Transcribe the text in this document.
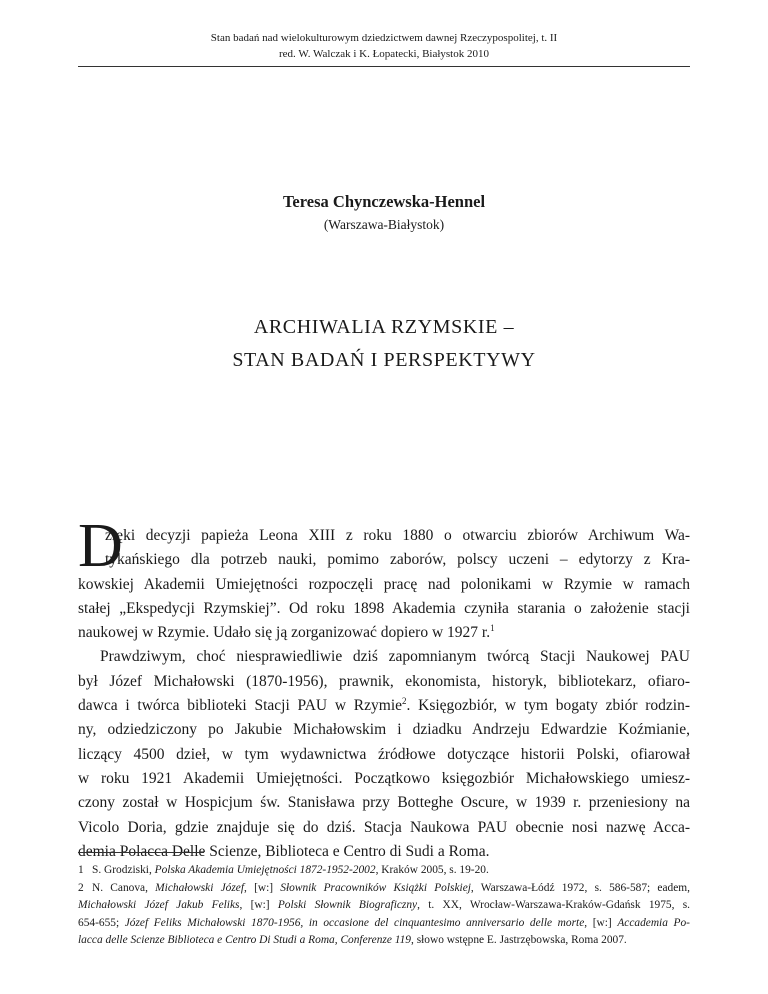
Stan badań nad wielokulturowym dziedzictwem dawnej Rzeczypospolitej, t. II
red. W. Walczak i K. Łopatecki, Białystok 2010
Teresa Chynczewska-Hennel
(Warszawa-Białystok)
ARCHIWALIA RZYMSKIE –
STAN BADAŃ I PERSPEKTYWY
D
zięki decyzji papieża Leona XIII z roku 1880 o otwarciu zbiorów Archiwum Wa-
tykańskiego dla potrzeb nauki, pomimo zaborów, polscy uczeni – edytorzy z Kra-
kowskiej Akademii Umiejętności rozpoczęli pracę nad polonikami w Rzymie w ramach
stałej „Ekspedycji Rzymskiej”. Od roku 1898 Akademia czyniła starania o założenie stacji
naukowej w Rzymie. Udało się ją zorganizować dopiero w 1927 r.$^1$
Prawdziwym, choć niesprawiedliwie dziś zapomnianym twórcą Stacji Naukowej PAU
był Józef Michałowski (1870-1956), prawnik, ekonomista, historyk, bibliotekarz, ofiaro-
dawca i twórca biblioteki Stacji PAU w Rzymie$^2$. Księgozbiór, w tym bogaty zbiór rodzin-
ny, odziedziczony po Jakubie Michałowskim i dziadku Andrzeju Edwardzie Koźmianie,
liczący 4500 dzieł, w tym wydawnictwa źródłowe dotyczące historii Polski, ofiarował
w roku 1921 Akademii Umiejętności. Początkowo księgozbiór Michałowskiego umiesz-
czony został w Hospicjum św. Stanisława przy Botteghe Oscure, w 1939 r. przeniesiony na
Vicolo Doria, gdzie znajduje się do dziś. Stacja Naukowa PAU obecnie nosi nazwę Acca-
demia Polacca Delle Scienze, Biblioteca e Centro di Sudi a Roma.
1 S. Grodziski, Polska Akademia Umiejętności 1872-1952-2002, Kraków 2005, s. 19-20.
2 N. Canova, Michałowski Józef, [w:] Słownik Pracowników Książki Polskiej, Warszawa-Łódź 1972, s. 586-587; eadem,
Michałowski Józef Jakub Feliks, [w:] Polski Słownik Biograficzny, t. XX, Wrocław-Warszawa-Kraków-Gdańsk 1975, s.
654-655; Józef Feliks Michałowski 1870-1956, in occasione del cinquantesimo anniversario delle morte, [w:] Accademia Po-
lacca delle Scienze Biblioteca e Centro Di Studi a Roma, Conferenze 119, słowo wstępne E. Jastrzębowska, Roma 2007.
